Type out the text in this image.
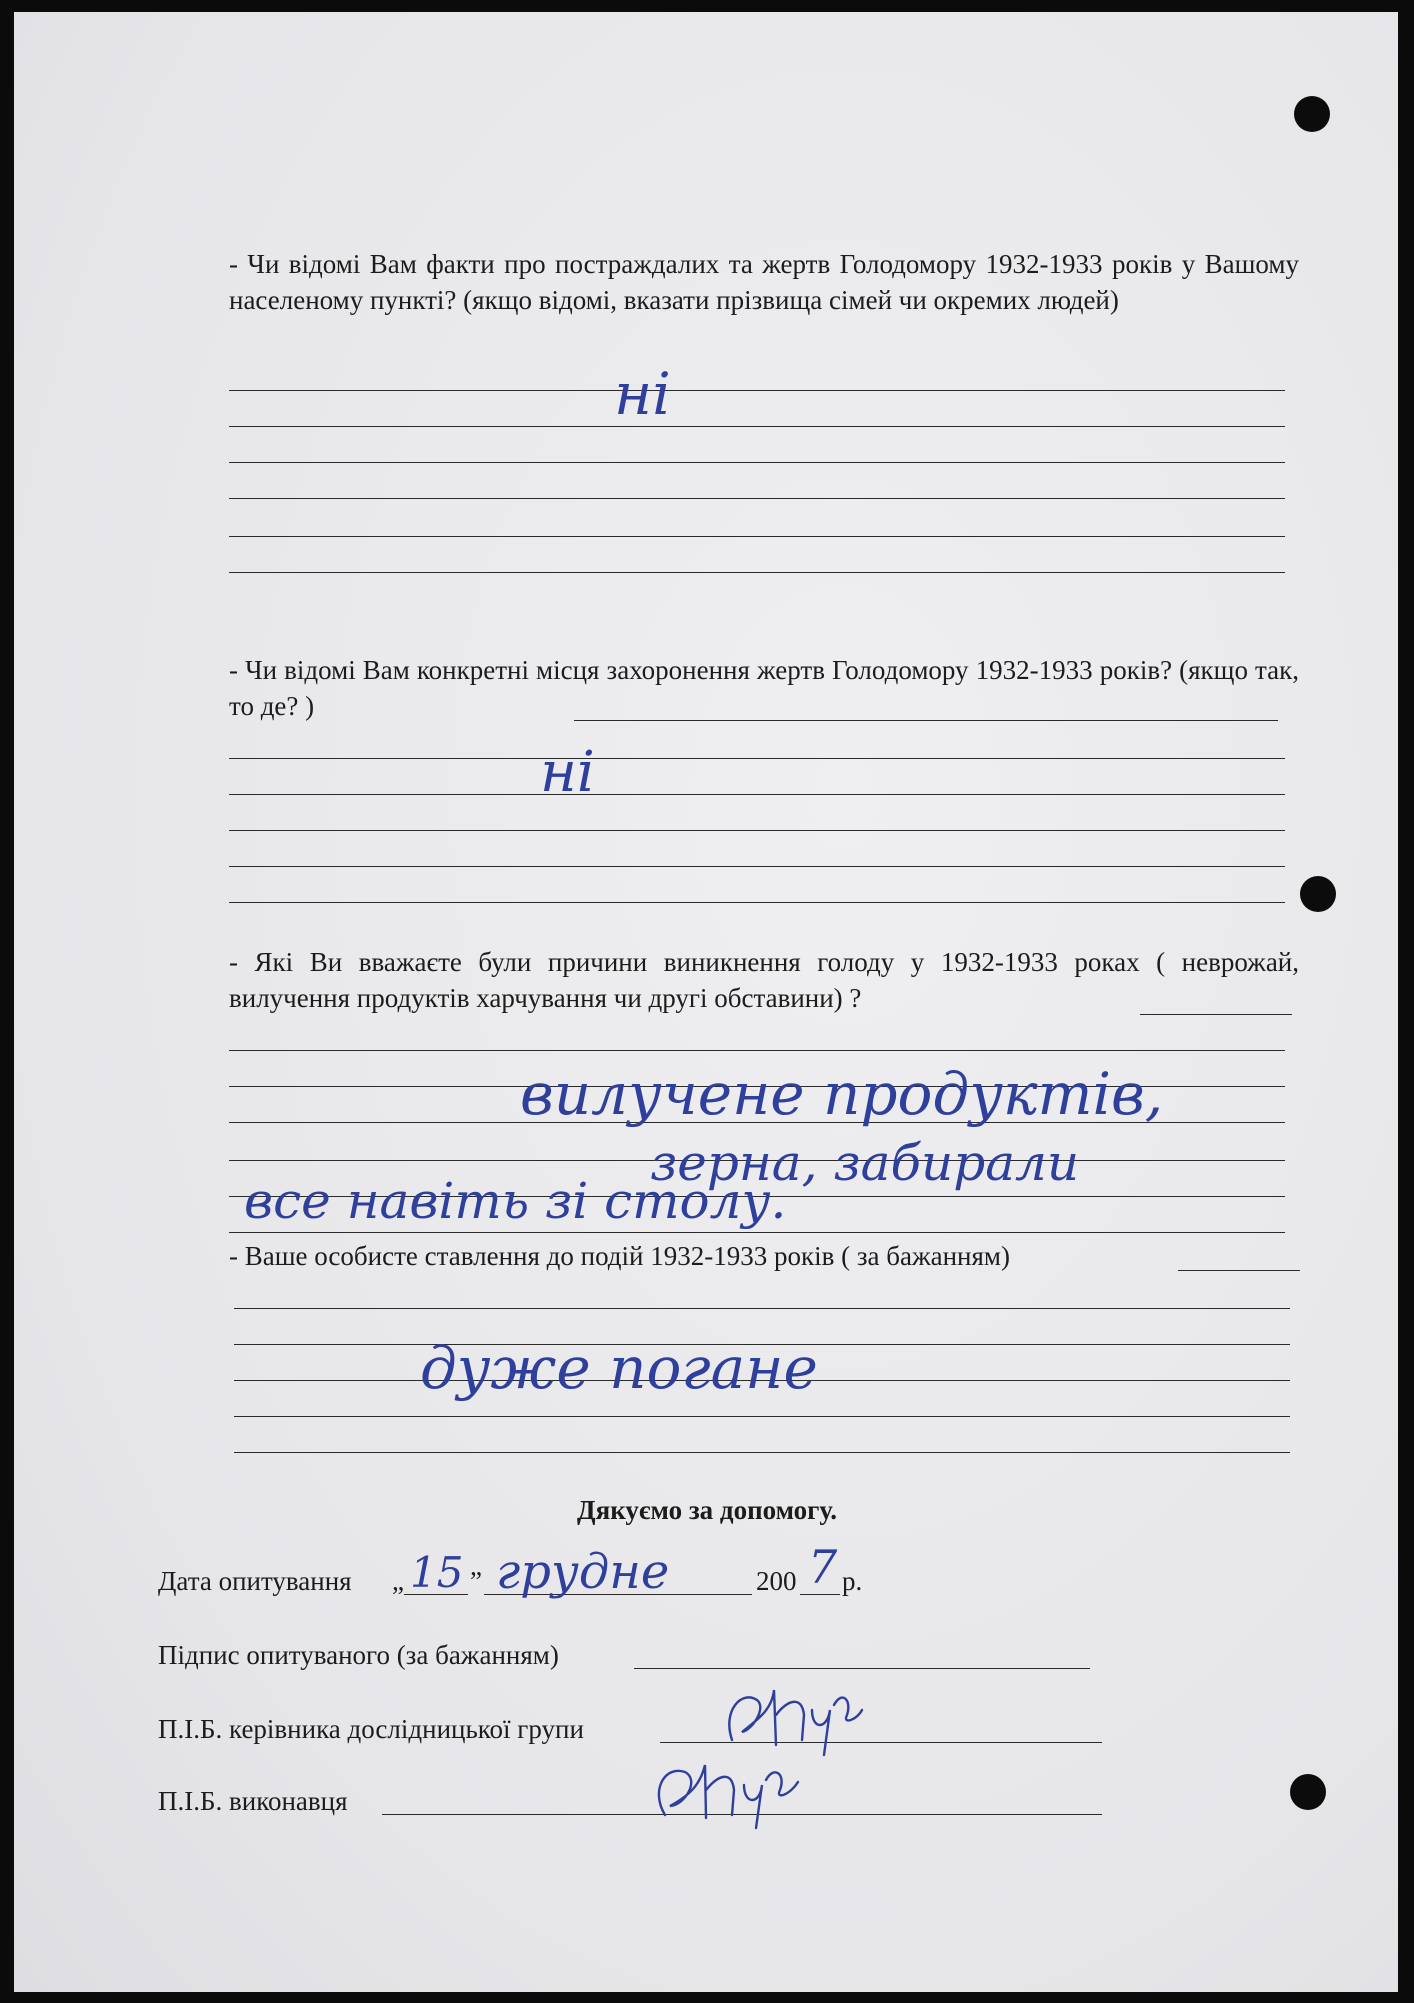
- Чи відомі Вам факти про постраждалих та жертв Голодомору 1932-1933 років у Вашому населеному пункті? (якщо відомі, вказати прізвища сімей чи окремих людей)
ні
- Чи відомі Вам конкретні місця захоронення жертв Голодомору 1932-1933 років? (якщо так, то де? )
ні
- Які Ви вважаєте були причини виникнення голоду у 1932-1933 роках ( неврожай, вилучення продуктів харчування чи другі обставини) ?
вилучене продуктів,
зерна, забирали
все навіть зі столу.
- Ваше особисте ставлення до подій 1932-1933 років ( за бажанням)
дуже погане
Дякуємо за допомогу.
Дата опитування „ 15 ” грудне	200 7 р.
Підпис опитуваного (за бажанням)
П.І.Б. керівника дослідницької групи
П.І.Б. виконавця
